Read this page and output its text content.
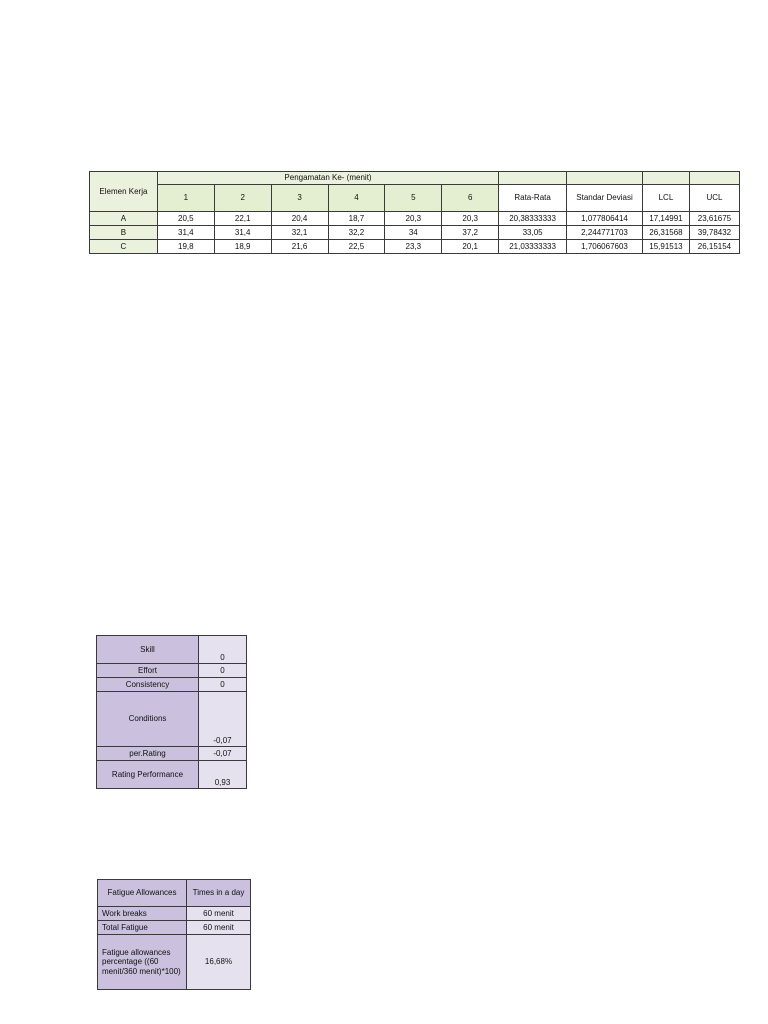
Elemen Kerja	Pengamatan Ke- (menit)									
	1	2	3	4	5	6	Rata-Rata	Standar Deviasi	LCL	UCL
A	20,5	22,1	20,4	18,7	20,3	20,3	20,38333333	1,077806414	17,14991	23,61675
B	31,4	31,4	32,1	32,2	34	37,2	33,05	2,244771703	26,31568	39,78432
C	19,8	18,9	21,6	22,5	23,3	20,1	21,03333333	1,706067603	15,91513	26,15154
Skill	0
Effort	0
Consistency	0
Conditions	-0,07
per.Rating	-0,07
Rating Performance	0,93
Fatigue Allowances	Times in a day
Work breaks	60 menit
Total Fatigue	60 menit
Fatigue allowances percentage ((60 menit/360 menit)*100)	16,68%
